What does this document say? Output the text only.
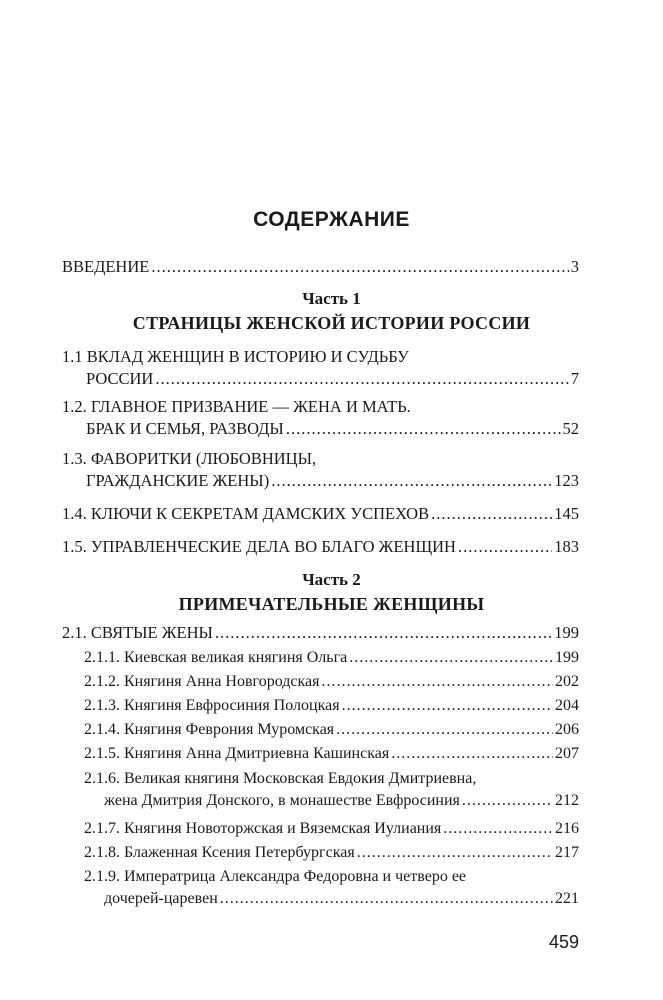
СОДЕРЖАНИЕ
ВВЕДЕНИЕ .....	3
Часть 1
СТРАНИЦЫ ЖЕНСКОЙ ИСТОРИИ РОССИИ
1.1 ВКЛАД ЖЕНЩИН В ИСТОРИЮ И СУДЬБУ
РОССИИ .....	7
1.2. ГЛАВНОЕ ПРИЗВАНИЕ — ЖЕНА И МАТЬ.
БРАК И СЕМЬЯ, РАЗВОДЫ .....	52
1.3. ФАВОРИТКИ (ЛЮБОВНИЦЫ,
ГРАЖДАНСКИЕ ЖЕНЫ) .....	123
1.4. КЛЮЧИ К СЕКРЕТАМ ДАМСКИХ УСПЕХОВ .....	145
1.5. УПРАВЛЕНЧЕСКИЕ ДЕЛА ВО БЛАГО ЖЕНЩИН .....	183
Часть 2
ПРИМЕЧАТЕЛЬНЫЕ ЖЕНЩИНЫ
2.1. СВЯТЫЕ ЖЕНЫ .....	199
2.1.1. Киевская великая княгиня Ольга .....	199
2.1.2. Княгиня Анна Новгородская .....	202
2.1.3. Княгиня Евфросиния Полоцкая .....	204
2.1.4. Княгиня Феврония Муромская .....	206
2.1.5. Княгиня Анна Дмитриевна Кашинская .....	207
2.1.6. Великая княгиня Московская Евдокия Дмитриевна,
жена Дмитрия Донского, в монашестве Евфросиния .....	212
2.1.7. Княгиня Новоторжская и Вяземская Иулиания .....	216
2.1.8. Блаженная Ксения Петербургская .....	217
2.1.9. Императрица Александра Федоровна и четверо ее
дочерей-царевен .....	221
459
